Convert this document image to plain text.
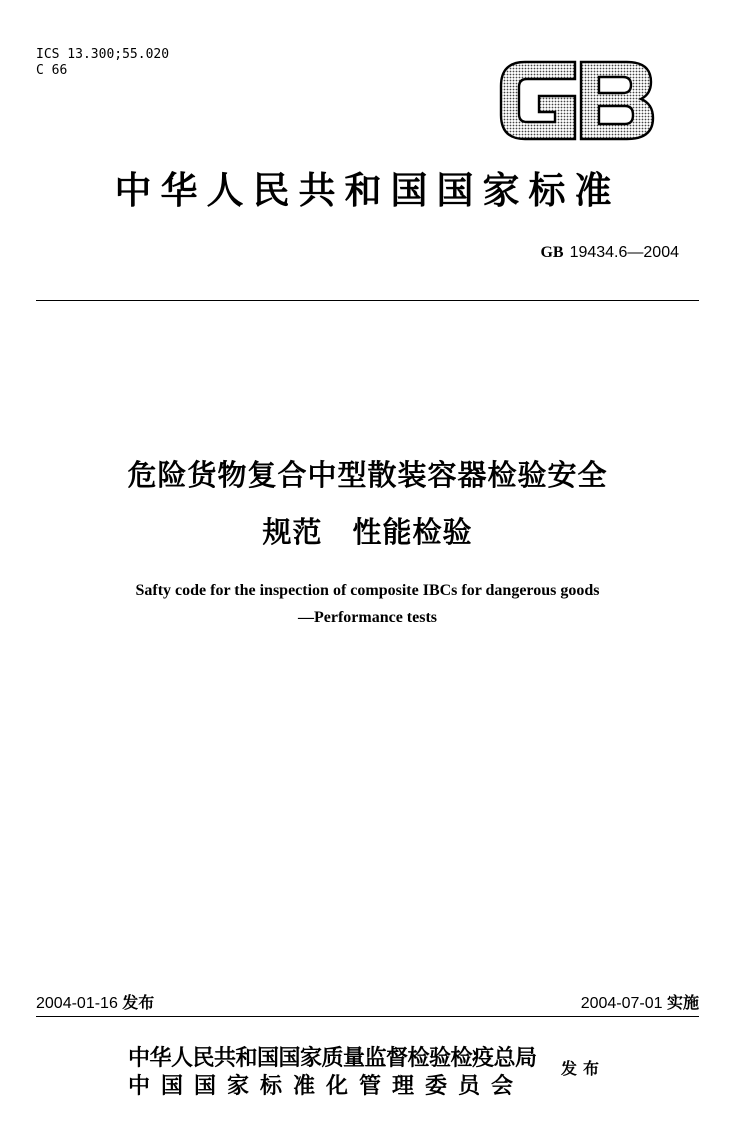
ICS 13.300;55.020
C 66
中华人民共和国国家标准
GB 19434.6—2004
危险货物复合中型散装容器检验安全
规范　性能检验
Safty code for the inspection of composite IBCs for dangerous goods
—Performance tests
2004-01-16 发布	2004-07-01 实施
中华人民共和国国家质量监督检验检疫总局
中国国家标准化管理委员会
发布
